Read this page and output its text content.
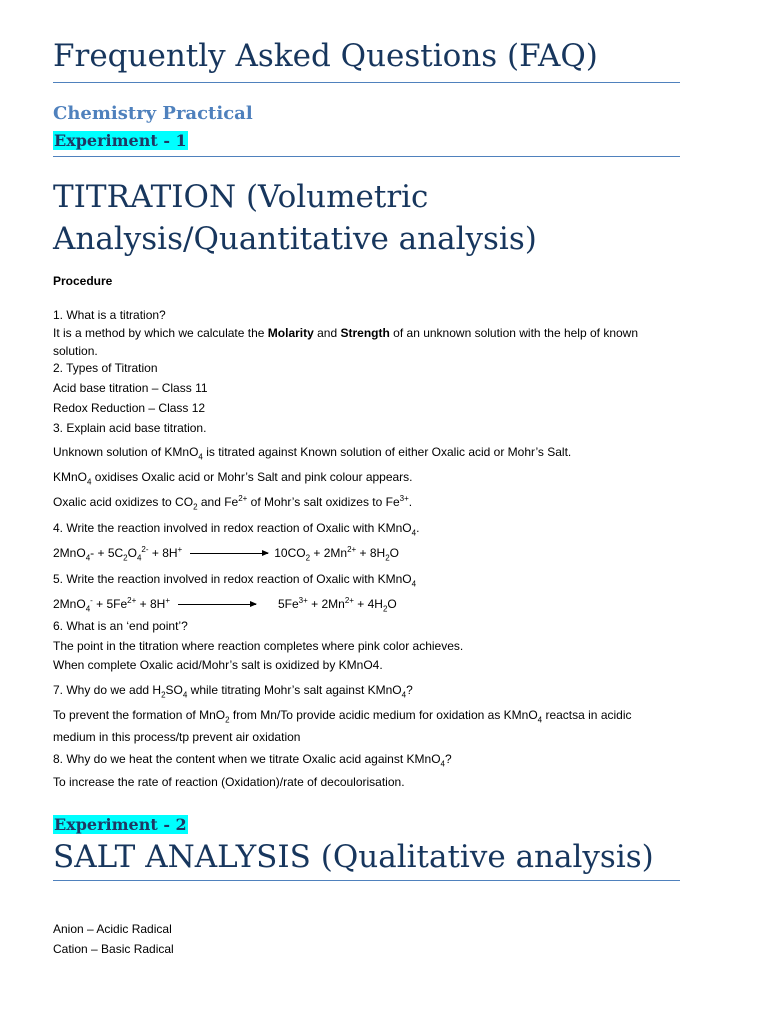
Frequently Asked Questions (FAQ)
Chemistry Practical
Experiment - 1
TITRATION (Volumetric
Analysis/Quantitative analysis)
Procedure
1. What is a titration?
It is a method by which we calculate the Molarity and Strength of an unknown solution with the help of known
solution.
2. Types of Titration
Acid base titration – Class 11
Redox Reduction – Class 12
3. Explain acid base titration.
Unknown solution of KMnO$_4$ is titrated against Known solution of either Oxalic acid or Mohr’s Salt.
KMnO$_4$ oxidises Oxalic acid or Mohr’s Salt and pink colour appears.
Oxalic acid oxidizes to $CO_2$ and $Fe^{2+}$ of Mohr’s salt oxidizes to $Fe^{3+}$.
4. Write the reaction involved in redox reaction of Oxalic with KMnO$_4$.
$2MnO_4- + 5C_2O_4^{2-} + 8H^+$	$10CO_2 + 2Mn^{2+} + 8H_2O$
5. Write the reaction involved in redox reaction of Oxalic with KMnO$_4$
$2MnO_4^- + 5Fe^{2+} + 8H^+$	$5Fe^{3+} + 2Mn^{2+} + 4H_2O$
6. What is an ‘end point’?
The point in the titration where reaction completes where pink color achieves.
When complete Oxalic acid/Mohr’s salt is oxidized by KMnO4.
7. Why do we add $H_2SO_4$ while titrating Mohr’s salt against KMnO$_4$?
To prevent the formation of MnO$_2$ from Mn/To provide acidic medium for oxidation as KMnO$_4$ reactsa in acidic
medium in this process/tp prevent air oxidation
8. Why do we heat the content when we titrate Oxalic acid against KMnO$_4$?
To increase the rate of reaction (Oxidation)/rate of decoulorisation.
Experiment - 2
SALT ANALYSIS (Qualitative analysis)
Anion – Acidic Radical
Cation – Basic Radical
